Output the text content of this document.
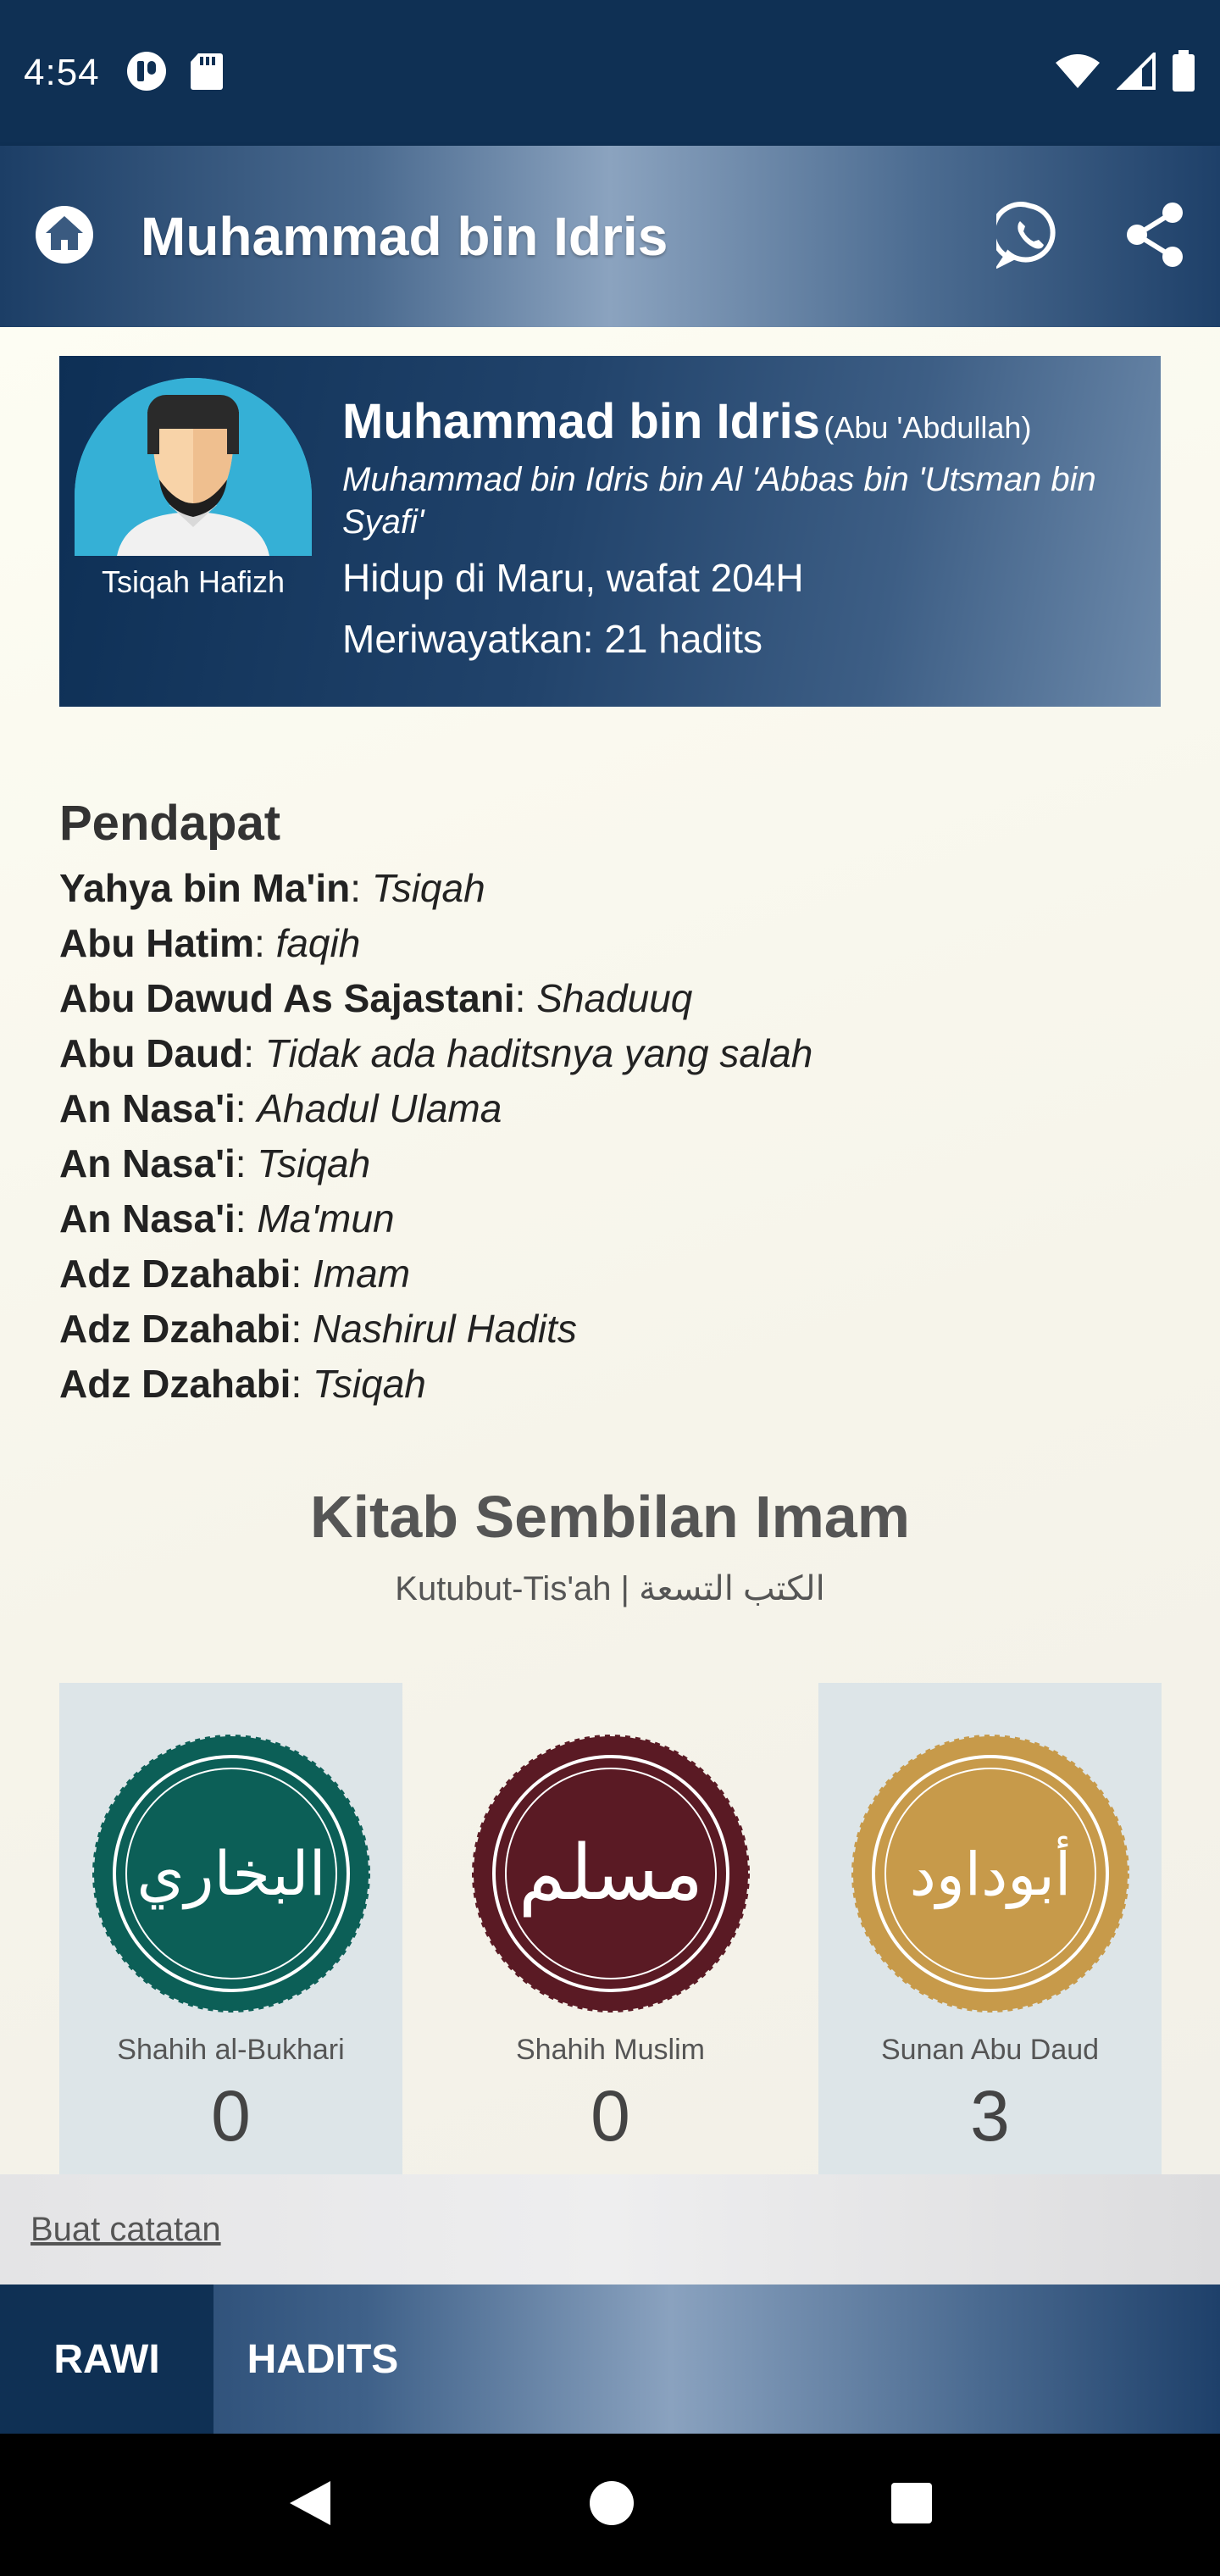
4:54
Muhammad bin Idris
Tsiqah Hafizh
Muhammad bin Idris (Abu 'Abdullah)
Muhammad bin Idris bin Al 'Abbas bin 'Utsman bin Syafi'
Hidup di Maru, wafat 204H
Meriwayatkan: 21 hadits
Pendapat
Yahya bin Ma'in: Tsiqah
Abu Hatim: faqih
Abu Dawud As Sajastani: Shaduuq
Abu Daud: Tidak ada haditsnya yang salah
An Nasa'i: Ahadul Ulama
An Nasa'i: Tsiqah
An Nasa'i: Ma'mun
Adz Dzahabi: Imam
Adz Dzahabi: Nashirul Hadits
Adz Dzahabi: Tsiqah
Kitab Sembilan Imam
Kutubut-Tis'ah | الكتب التسعة
البخاري
Shahih al-Bukhari
0
مسلم
Shahih Muslim
0
أبوداود
Sunan Abu Daud
3
Buat catatan
RAWI	HADITS
